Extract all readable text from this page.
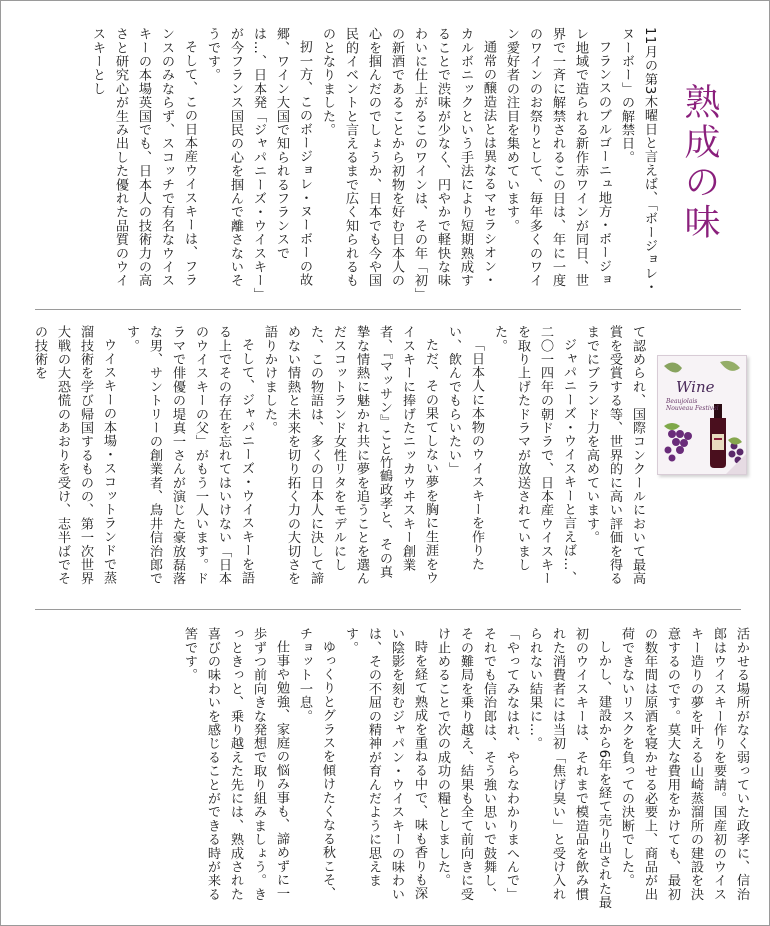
熟成の味

11月の第3木曜日と言えば、「ボージョレ・ヌーボー」の解禁日。

フランスのブルゴーニュ地方・ボージョレ地域で造られる新作赤ワインが同日、世界で一斉に解禁されるこの日は、年に一度のワインのお祭りとして、毎年多くのワイン愛好者の注目を集めています。

通常の醸造法とは異なるマセラシオン・カルボニックという手法により短期熟成することで渋味が少なく、円やかで軽快な味わいに仕上がるこのワインは、その年「初」の新酒であることから初物を好む日本人の心を掴んだのでしょうか、日本でも今や国民的イベントと言えるまで広く知られるものとなりました。

扨一方、このボージョレ・ヌーボーの故郷、ワイン大国で知られるフランスでは…、日本発「ジャパニーズ・ウイスキー」が今フランス国民の心を掴んで離さないそうです。

そして、この日本産ウイスキーは、フランスのみならず、スコッチで有名なウイスキーの本場英国でも、日本人の技術力の高さと研究心が生み出した優れた品質のウイスキーとし

て認められ、国際コンクールにおいて最高賞を受賞する等、世界的に高い評価を得るまでにブランド力を高めています。

ジャパニーズ・ウイスキーと言えば…、二〇一四年の朝ドラで、日本産ウイスキーを取り上げたドラマが放送されていました。

「日本人に本物のウイスキーを作りたい、飲んでもらいたい」

ただ、その果てしない夢を胸に生涯をウイスキーに捧げたニッカウヰスキー創業者、『マッサン』こと竹鶴政孝と、その真摯な情熱に魅かれ共に夢を追うことを選んだスコットランド女性リタをモデルにした、この物語は、多くの日本人に決して諦めない情熱と未来を切り拓く力の大切さを語りかけました。

そして、ジャパニーズ・ウイスキーを語る上でその存在を忘れてはいけない「日本のウイスキーの父」がもう一人います。ドラマで俳優の堤真一さんが演じた豪放磊落な男、サントリーの創業者、鳥井信治郎です。

ウイスキーの本場・スコットランドで蒸溜技術を学び帰国するものの、第一次世界大戦の大恐慌のあおりを受け、志半ばでその技術を

Wine
Beaujolais Nouveau Festival

活かせる場所がなく弱っていた政孝に、信治郎はウイスキー作りを要請。国産初のウイスキー造りの夢を叶える山崎蒸溜所の建設を決意するのです。莫大な費用をかけても、最初の数年間は原酒を寝かせる必要上、商品が出荷できないリスクを負っての決断でした。

しかし、建設から6年を経て売り出された最初のウイスキーは、それまで模造品を飲み慣れた消費者には当初「焦げ臭い」と受け入れられない結果に…。

「やってみなはれ、やらなわかりまへんで」

それでも信治郎は、そう強い思いで鼓舞し、その難局を乗り越え、結果も全て前向きに受け止めることで次の成功の糧としました。

時を経て熟成を重ねる中で、味も香りも深い陰影を刻むジャパン・ウイスキーの味わいは、その不屈の精神が育んだように思えます。

ゆっくりとグラスを傾けたくなる秋こそ、チョット一息。

仕事や勉強、家庭の悩み事も、諦めずに一歩ずつ前向きな発想で取り組みましょう。きっときっと、乗り越えた先には、熟成された喜びの味わいを感じることができる時が来る筈です。
